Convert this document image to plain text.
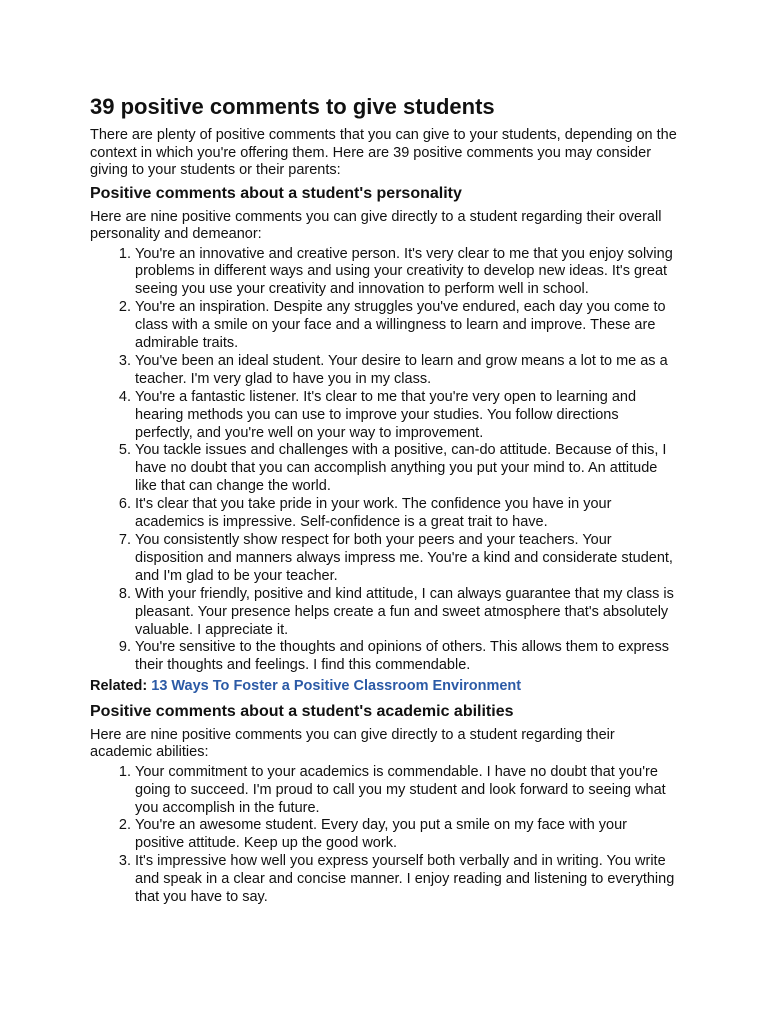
39 positive comments to give students

There are plenty of positive comments that you can give to your students, depending on the context in which you're offering them. Here are 39 positive comments you may consider giving to your students or their parents:

Positive comments about a student's personality

Here are nine positive comments you can give directly to a student regarding their overall personality and demeanor:

1. You're an innovative and creative person. It's very clear to me that you enjoy solving problems in different ways and using your creativity to develop new ideas. It's great seeing you use your creativity and innovation to perform well in school.
2. You're an inspiration. Despite any struggles you've endured, each day you come to class with a smile on your face and a willingness to learn and improve. These are admirable traits.
3. You've been an ideal student. Your desire to learn and grow means a lot to me as a teacher. I'm very glad to have you in my class.
4. You're a fantastic listener. It's clear to me that you're very open to learning and hearing methods you can use to improve your studies. You follow directions perfectly, and you're well on your way to improvement.
5. You tackle issues and challenges with a positive, can-do attitude. Because of this, I have no doubt that you can accomplish anything you put your mind to. An attitude like that can change the world.
6. It's clear that you take pride in your work. The confidence you have in your academics is impressive. Self-confidence is a great trait to have.
7. You consistently show respect for both your peers and your teachers. Your disposition and manners always impress me. You're a kind and considerate student, and I'm glad to be your teacher.
8. With your friendly, positive and kind attitude, I can always guarantee that my class is pleasant. Your presence helps create a fun and sweet atmosphere that's absolutely valuable. I appreciate it.
9. You're sensitive to the thoughts and opinions of others. This allows them to express their thoughts and feelings. I find this commendable.

Related: 13 Ways To Foster a Positive Classroom Environment

Positive comments about a student's academic abilities

Here are nine positive comments you can give directly to a student regarding their academic abilities:

1. Your commitment to your academics is commendable. I have no doubt that you're going to succeed. I'm proud to call you my student and look forward to seeing what you accomplish in the future.
2. You're an awesome student. Every day, you put a smile on my face with your positive attitude. Keep up the good work.
3. It's impressive how well you express yourself both verbally and in writing. You write and speak in a clear and concise manner. I enjoy reading and listening to everything that you have to say.
